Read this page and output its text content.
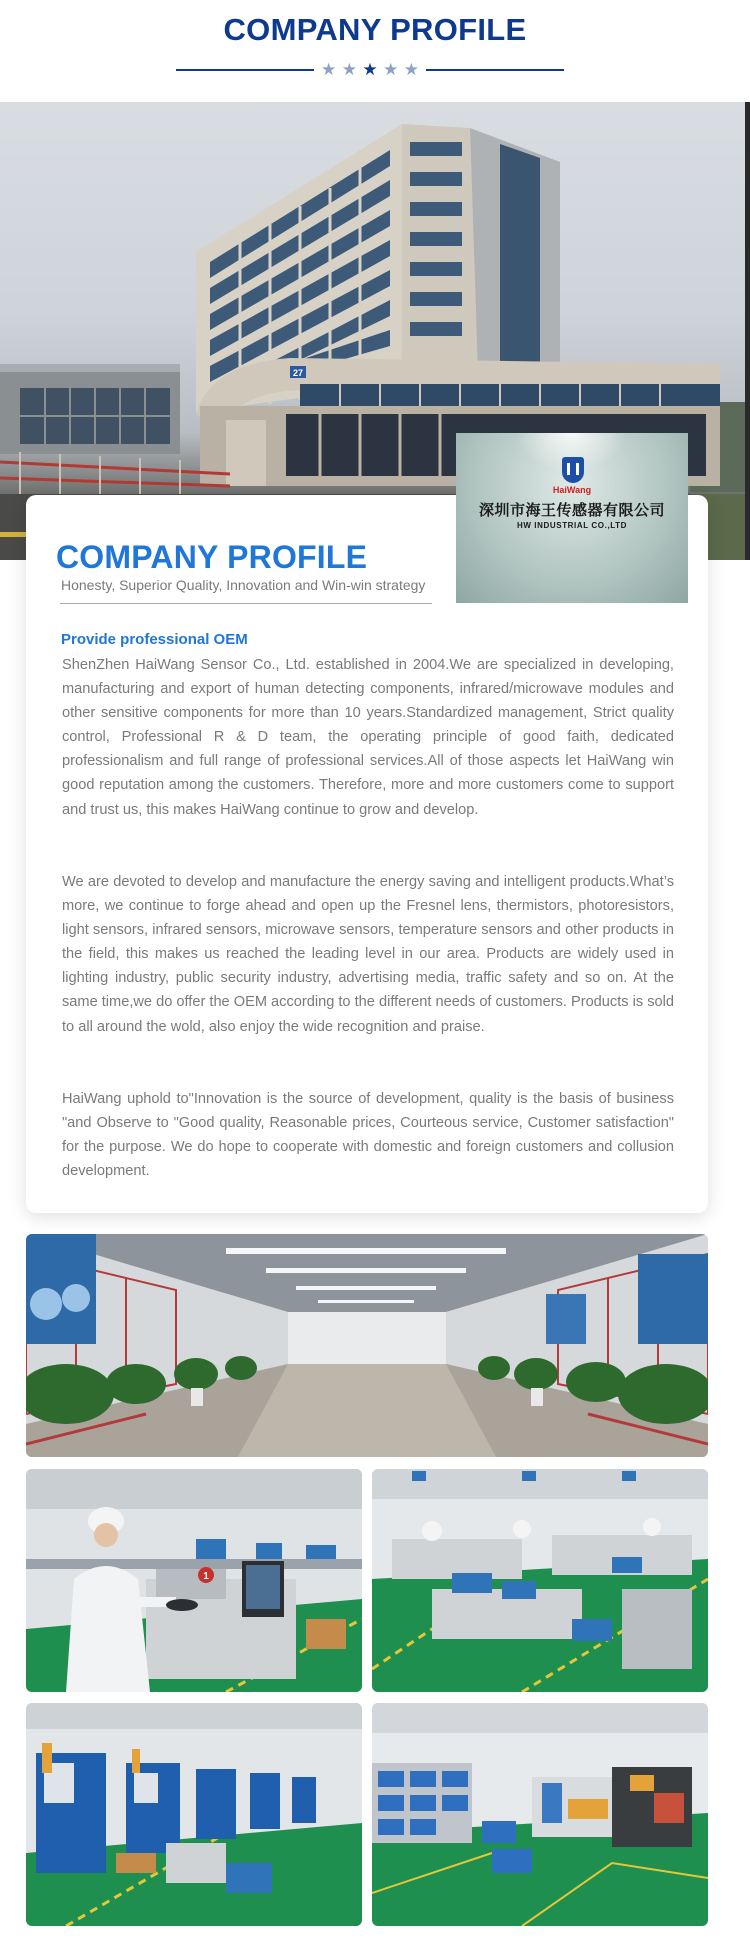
COMPANY PROFILE
★ ★ ★ ★ ★
27
HaiWang
深圳市海王传感器有限公司
HW INDUSTRIAL CO.,LTD
COMPANY PROFILE
Honesty, Superior Quality, Innovation and Win-win strategy
Provide professional OEM

ShenZhen HaiWang Sensor Co., Ltd. established in 2004.We are specialized in developing, manufacturing and export of human detecting components, infrared/microwave modules and other sensitive components for more than 10 years.Standardized management, Strict quality control, Professional R & D team, the operating principle of good faith, dedicated professionalism and full range of professional services.All of those aspects let HaiWang win good reputation among the customers. Therefore, more and more customers come to support and trust us, this makes HaiWang continue to grow and develop.

We are devoted to develop and manufacture the energy saving and intelligent products.What’s more, we continue to forge ahead and open up the Fresnel lens, thermistors, photoresistors, light sensors, infrared sensors, microwave sensors, temperature sensors and other products in the field, this makes us reached the leading level in our area. Products are widely used in lighting industry, public security industry, advertising media, traffic safety and so on. At the same time,we do offer the OEM according to the different needs of customers. Products is sold to all around the wold, also enjoy the wide recognition and praise.

HaiWang uphold to"Innovation is the source of development, quality is the basis of business "and Observe to "Good quality, Reasonable prices, Courteous service, Customer satisfaction" for the purpose. We do hope to cooperate with domestic and foreign customers and collusion development.

1
